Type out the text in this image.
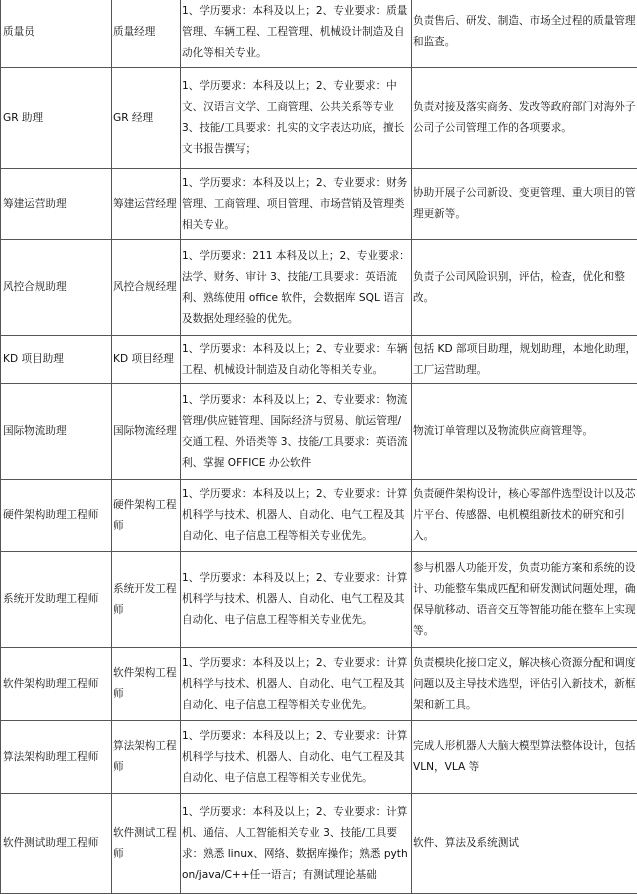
质量员	质量经理	1、学历要求：本科及以上；2、专业要求：质量管理、车辆工程、工程管理、机械设计制造及自动化等相关专业。	负责售后、研发、制造、市场全过程的质量管理和监查。
GR 助理	GR 经理	1、学历要求：本科及以上；2、专业要求：中文、汉语言文学、工商管理、公共关系等专业 3、技能/工具要求：扎实的文字表达功底，擅长文书报告撰写；	负责对接及落实商务、发改等政府部门对海外子公司子公司管理工作的各项要求。
筹建运营助理	筹建运营经理	1、学历要求：本科及以上；2、专业要求：财务管理、工商管理、项目管理、市场营销及管理类相关专业。	协助开展子公司新设、变更管理、重大项目的管理更新等。
风控合规助理	风控合规经理	1、学历要求：211 本科及以上；2、专业要求：法学、财务、审计 3、技能/工具要求：英语流利、熟练使用 office 软件，会数据库 SQL 语言及数据处理经验的优先。	负责子公司风险识别，评估，检查，优化和整改。
KD 项目助理	KD 项目经理	1、学历要求：本科及以上；2、专业要求：车辆工程、机械设计制造及自动化等相关专业。	包括 KD 部项目助理，规划助理，本地化助理，工厂运营助理。
国际物流助理	国际物流经理	1、学历要求：本科及以上；2、专业要求：物流管理/供应链管理、国际经济与贸易、航运管理/交通工程、外语类等 3、技能/工具要求：英语流利、掌握 OFFICE 办公软件	物流订单管理以及物流供应商管理等。
硬件架构助理工程师	硬件架构工程师	1、学历要求：本科及以上；2、专业要求：计算机科学与技术、机器人、自动化、电气工程及其自动化、电子信息工程等相关专业优先。	负责硬件架构设计，核心零部件选型设计以及芯片平台、传感器、电机模组新技术的研究和引入。
系统开发助理工程师	系统开发工程师	1、学历要求：本科及以上；2、专业要求：计算机科学与技术、机器人、自动化、电气工程及其自动化、电子信息工程等相关专业优先。	参与机器人功能开发，负责功能方案和系统的设计、功能整车集成匹配和研发测试问题处理，确保导航移动、语音交互等智能功能在整车上实现等。
软件架构助理工程师	软件架构工程师	1、学历要求：本科及以上；2、专业要求：计算机科学与技术、机器人、自动化、电气工程及其自动化、电子信息工程等相关专业优先。	负责模块化接口定义，解决核心资源分配和调度问题以及主导技术选型，评估引入新技术，新框架和新工具。
算法架构助理工程师	算法架构工程师	1、学历要求：本科及以上；2、专业要求：计算机科学与技术、机器人、自动化、电气工程及其自动化、电子信息工程等相关专业优先。	完成人形机器人大脑大模型算法整体设计，包括 VLN，VLA 等
软件测试助理工程师	软件测试工程师	1、学历要求：本科及以上；2、专业要求：计算机、通信、人工智能相关专业 3、技能/工具要求：熟悉 linux、网络、数据库操作；熟悉 python/java/C++任一语言；有测试理论基础	软件、算法及系统测试
